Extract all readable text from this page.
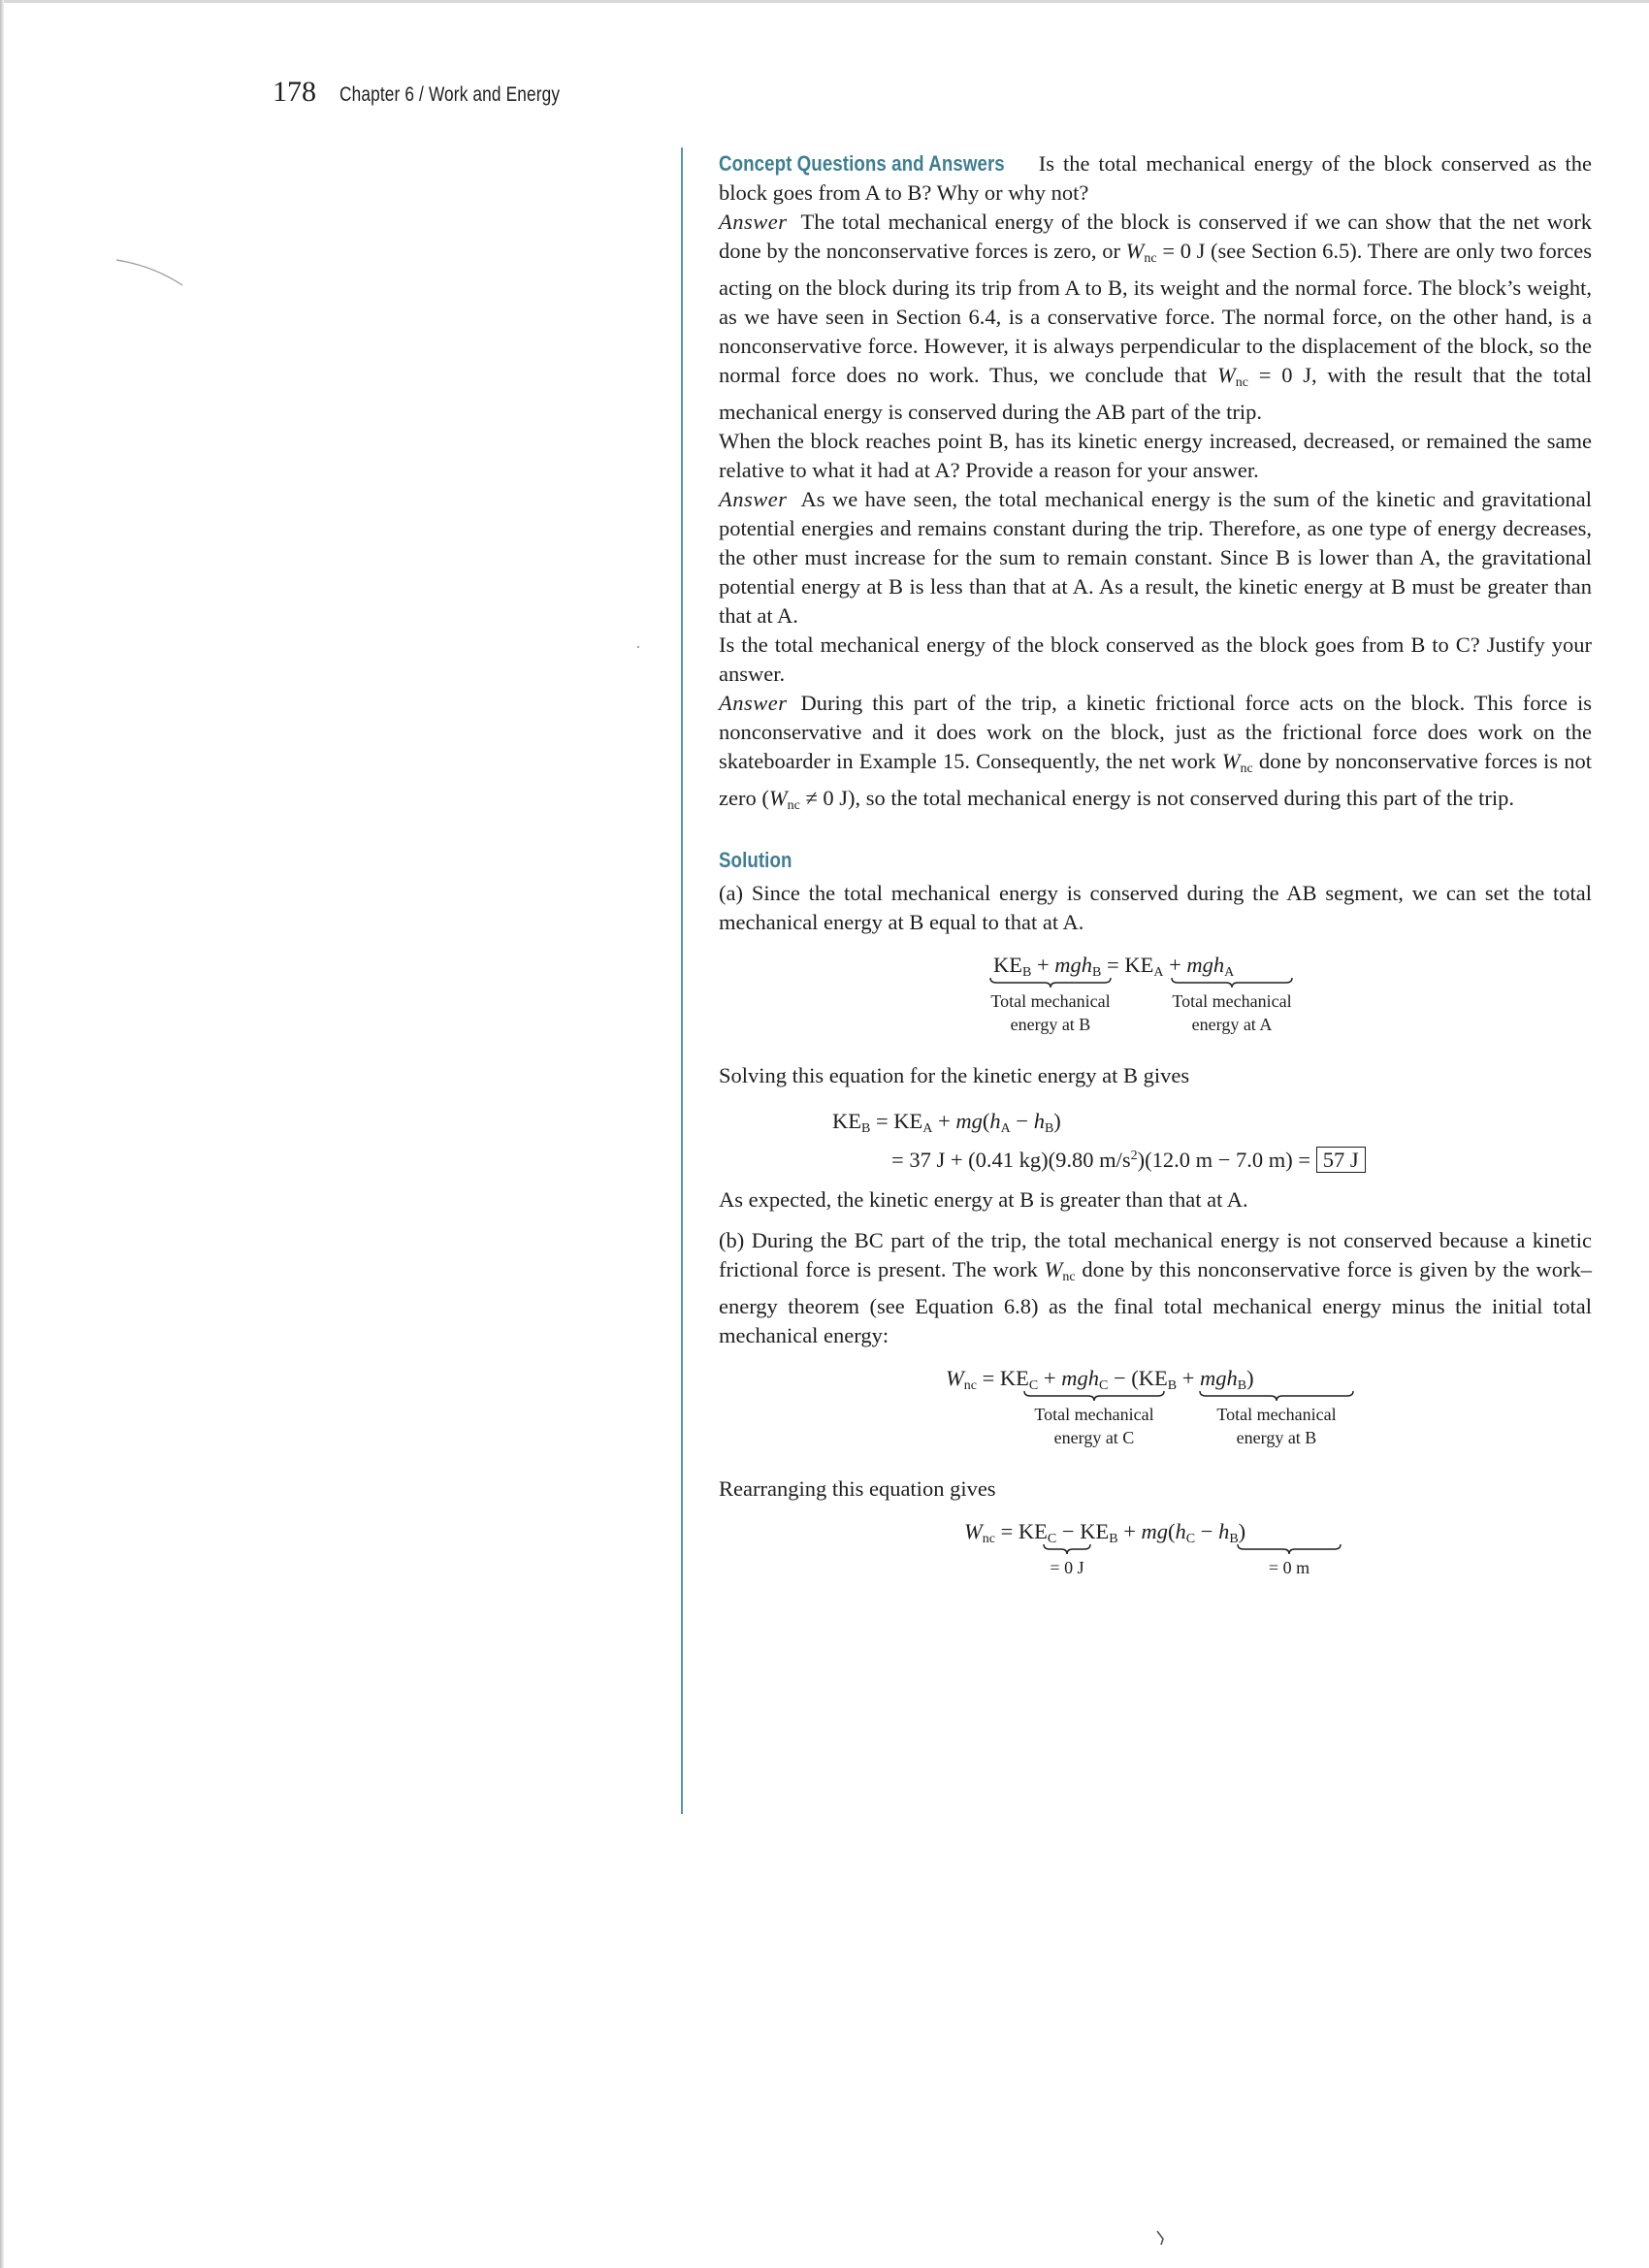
178 Chapter 6 / Work and Energy

Concept Questions and Answers Is the total mechanical energy of the block conserved as the block goes from A to B? Why or why not?

Answer The total mechanical energy of the block is conserved if we can show that the net work done by the nonconservative forces is zero, or $W_{nc} = 0$ J (see Section 6.5). There are only two forces acting on the block during its trip from A to B, its weight and the normal force. The block’s weight, as we have seen in Section 6.4, is a conservative force. The normal force, on the other hand, is a nonconservative force. However, it is always perpendicular to the displacement of the block, so the normal force does no work. Thus, we conclude that $W_{nc} = 0$ J, with the result that the total mechanical energy is conserved during the AB part of the trip.

When the block reaches point B, has its kinetic energy increased, decreased, or remained the same relative to what it had at A? Provide a reason for your answer.

Answer As we have seen, the total mechanical energy is the sum of the kinetic and gravitational potential energies and remains constant during the trip. Therefore, as one type of energy decreases, the other must increase for the sum to remain constant. Since B is lower than A, the gravitational potential energy at B is less than that at A. As a result, the kinetic energy at B must be greater than that at A.

Is the total mechanical energy of the block conserved as the block goes from B to C? Justify your answer.

Answer During this part of the trip, a kinetic frictional force acts on the block. This force is nonconservative and it does work on the block, just as the frictional force does work on the skateboarder in Example 15. Consequently, the net work $W_{nc}$ done by nonconservative forces is not zero ($W_{nc} \ne 0$ J), so the total mechanical energy is not conserved during this part of the trip.

Solution

(a) Since the total mechanical energy is conserved during the AB segment, we can set the total mechanical energy at B equal to that at A.

$KE_B + mgh_B = KE_A + mgh_A$
Total mechanical
energy at B
Total mechanical
energy at A

Solving this equation for the kinetic energy at B gives

$KE_B = KE_A + mg(h_A - h_B)$
= 37 J + (0.41 kg)(9.80 $m/s^2)(12.0$ m − 7.0 m) = 57 J

As expected, the kinetic energy at B is greater than that at A.

(b) During the BC part of the trip, the total mechanical energy is not conserved because a kinetic frictional force is present. The work $W_{nc}$ done by this nonconservative force is given by the work–energy theorem (see Equation 6.8) as the final total mechanical energy minus the initial total mechanical energy:

$W_{nc} = KE_C + mgh_C - (KE_B + mgh_B)$
Total mechanical
energy at C
Total mechanical
energy at B

Rearranging this equation gives

$W_{nc} = KE_C - KE_B + mg(h_C - h_B)$
= 0 J	= 0 m
